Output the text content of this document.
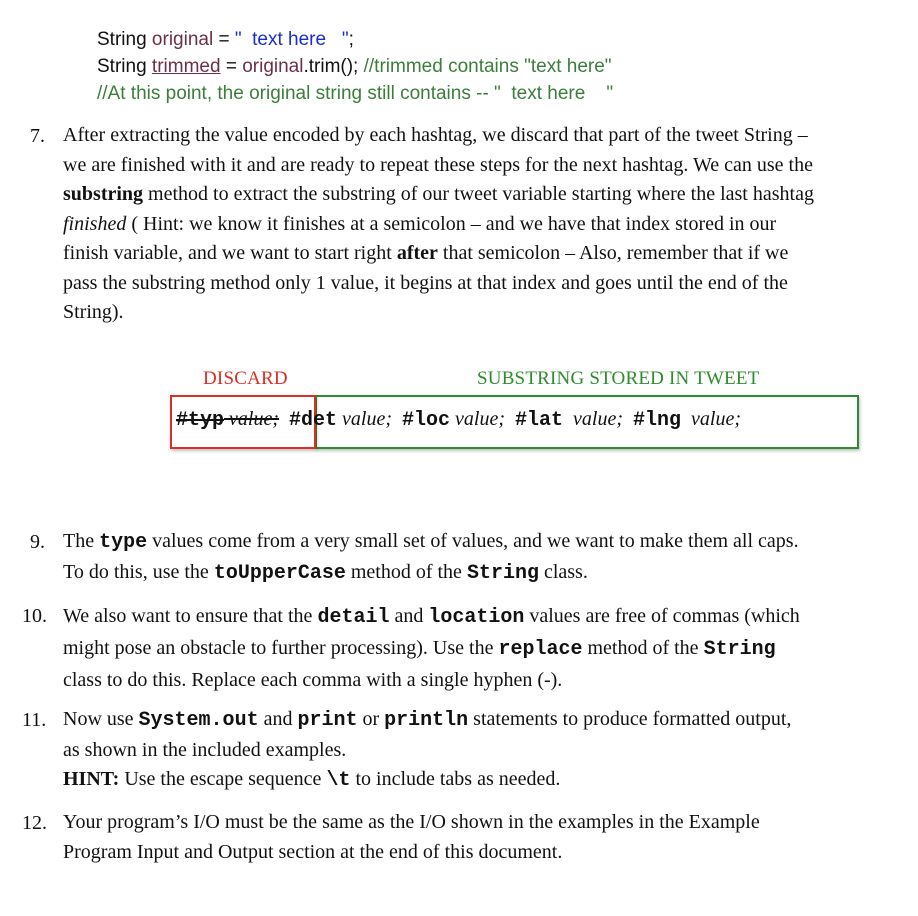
String original = "  text here   ";
String trimmed = original.trim(); //trimmed contains "text here"
//At this point, the original string still contains -- "  text here    "
7. After extracting the value encoded by each hashtag, we discard that part of the tweet String –
we are finished with it and are ready to repeat these steps for the next hashtag. We can use the
substring method to extract the substring of our tweet variable starting where the last hashtag
finished ( Hint: we know it finishes at a semicolon – and we have that index stored in our
finish variable, and we want to start right after that semicolon – Also, remember that if we
pass the substring method only 1 value, it begins at that index and goes until the end of the
String).
DISCARD	SUBSTRING STORED IN TWEET
#typ value; #det value; #loc value; #lat  value; #lng  value;
9. The type values come from a very small set of values, and we want to make them all caps.
To do this, use the toUpperCase method of the String class.
10. We also want to ensure that the detail and location values are free of commas (which
might pose an obstacle to further processing). Use the replace method of the String
class to do this. Replace each comma with a single hyphen (-).
11. Now use System.out and print or println statements to produce formatted output,
as shown in the included examples.
HINT: Use the escape sequence \t to include tabs as needed.
12. Your program’s I/O must be the same as the I/O shown in the examples in the Example
Program Input and Output section at the end of this document.
